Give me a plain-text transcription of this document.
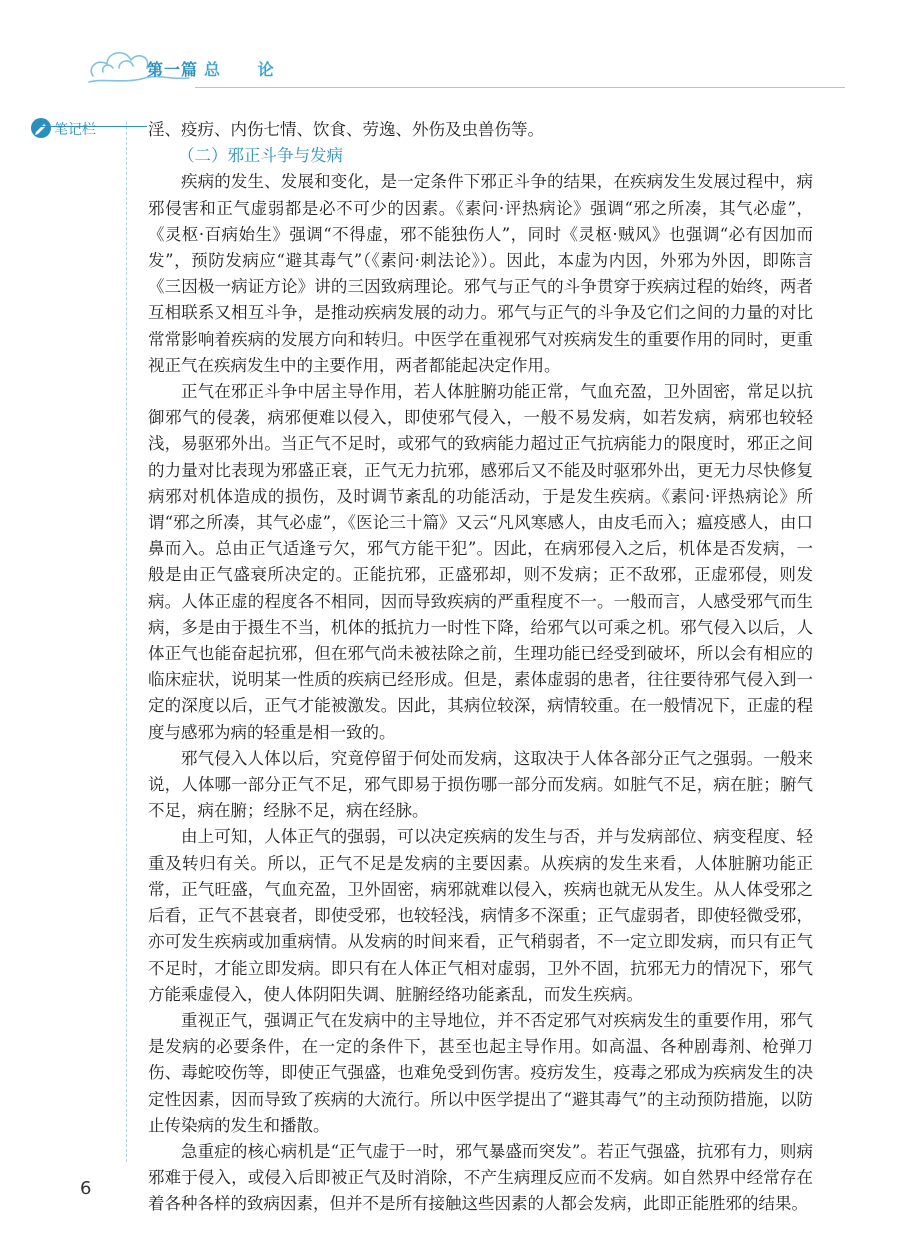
第一篇 总 论
笔记栏	淫、疫疠、内伤七情、饮食、劳逸、外伤及虫兽伤等。

（二）邪正斗争与发病

疾病的发生、发展和变化，是一定条件下邪正斗争的结果，在疾病发生发展过程中，病邪侵害和正气虚弱都是必不可少的因素。《素问·评热病论》强调“邪之所凑，其气必虚”，《灵枢·百病始生》强调“不得虚，邪不能独伤人”，同时《灵枢·贼风》也强调“必有因加而发”，预防发病应“避其毒气”（《素问·刺法论》）。因此，本虚为内因，外邪为外因，即陈言《三因极一病证方论》讲的三因致病理论。邪气与正气的斗争贯穿于疾病过程的始终，两者互相联系又相互斗争，是推动疾病发展的动力。邪气与正气的斗争及它们之间的力量的对比常常影响着疾病的发展方向和转归。中医学在重视邪气对疾病发生的重要作用的同时，更重视正气在疾病发生中的主要作用，两者都能起决定作用。

正气在邪正斗争中居主导作用，若人体脏腑功能正常，气血充盈，卫外固密，常足以抗御邪气的侵袭，病邪便难以侵入，即使邪气侵入，一般不易发病，如若发病，病邪也较轻浅，易驱邪外出。当正气不足时，或邪气的致病能力超过正气抗病能力的限度时，邪正之间的力量对比表现为邪盛正衰，正气无力抗邪，感邪后又不能及时驱邪外出，更无力尽快修复病邪对机体造成的损伤，及时调节紊乱的功能活动，于是发生疾病。《素问·评热病论》所谓“邪之所凑，其气必虚”，《医论三十篇》又云“凡风寒感人，由皮毛而入；瘟疫感人，由口鼻而入。总由正气适逢亏欠，邪气方能干犯”。因此，在病邪侵入之后，机体是否发病，一般是由正气盛衰所决定的。正能抗邪，正盛邪却，则不发病；正不敌邪，正虚邪侵，则发病。人体正虚的程度各不相同，因而导致疾病的严重程度不一。一般而言，人感受邪气而生病，多是由于摄生不当，机体的抵抗力一时性下降，给邪气以可乘之机。邪气侵入以后，人体正气也能奋起抗邪，但在邪气尚未被祛除之前，生理功能已经受到破坏，所以会有相应的临床症状，说明某一性质的疾病已经形成。但是，素体虚弱的患者，往往要待邪气侵入到一定的深度以后，正气才能被激发。因此，其病位较深，病情较重。在一般情况下，正虚的程度与感邪为病的轻重是相一致的。

邪气侵入人体以后，究竟停留于何处而发病，这取决于人体各部分正气之强弱。一般来说，人体哪一部分正气不足，邪气即易于损伤哪一部分而发病。如脏气不足，病在脏；腑气不足，病在腑；经脉不足，病在经脉。

由上可知，人体正气的强弱，可以决定疾病的发生与否，并与发病部位、病变程度、轻重及转归有关。所以，正气不足是发病的主要因素。从疾病的发生来看，人体脏腑功能正常，正气旺盛，气血充盈，卫外固密，病邪就难以侵入，疾病也就无从发生。从人体受邪之后看，正气不甚衰者，即使受邪，也较轻浅，病情多不深重；正气虚弱者，即使轻微受邪，亦可发生疾病或加重病情。从发病的时间来看，正气稍弱者，不一定立即发病，而只有正气不足时，才能立即发病。即只有在人体正气相对虚弱，卫外不固，抗邪无力的情况下，邪气方能乘虚侵入，使人体阴阳失调、脏腑经络功能紊乱，而发生疾病。

重视正气，强调正气在发病中的主导地位，并不否定邪气对疾病发生的重要作用，邪气是发病的必要条件，在一定的条件下，甚至也起主导作用。如高温、各种剧毒剂、枪弹刀伤、毒蛇咬伤等，即使正气强盛，也难免受到伤害。疫疠发生，疫毒之邪成为疾病发生的决定性因素，因而导致了疾病的大流行。所以中医学提出了“避其毒气”的主动预防措施，以防止传染病的发生和播散。

急重症的核心病机是“正气虚于一时，邪气暴盛而突发”。若正气强盛，抗邪有力，则病邪难于侵入，或侵入后即被正气及时消除，不产生病理反应而不发病。如自然界中经常存在着各种各样的致病因素，但并不是所有接触这些因素的人都会发病，此即正能胜邪的结果。

6
